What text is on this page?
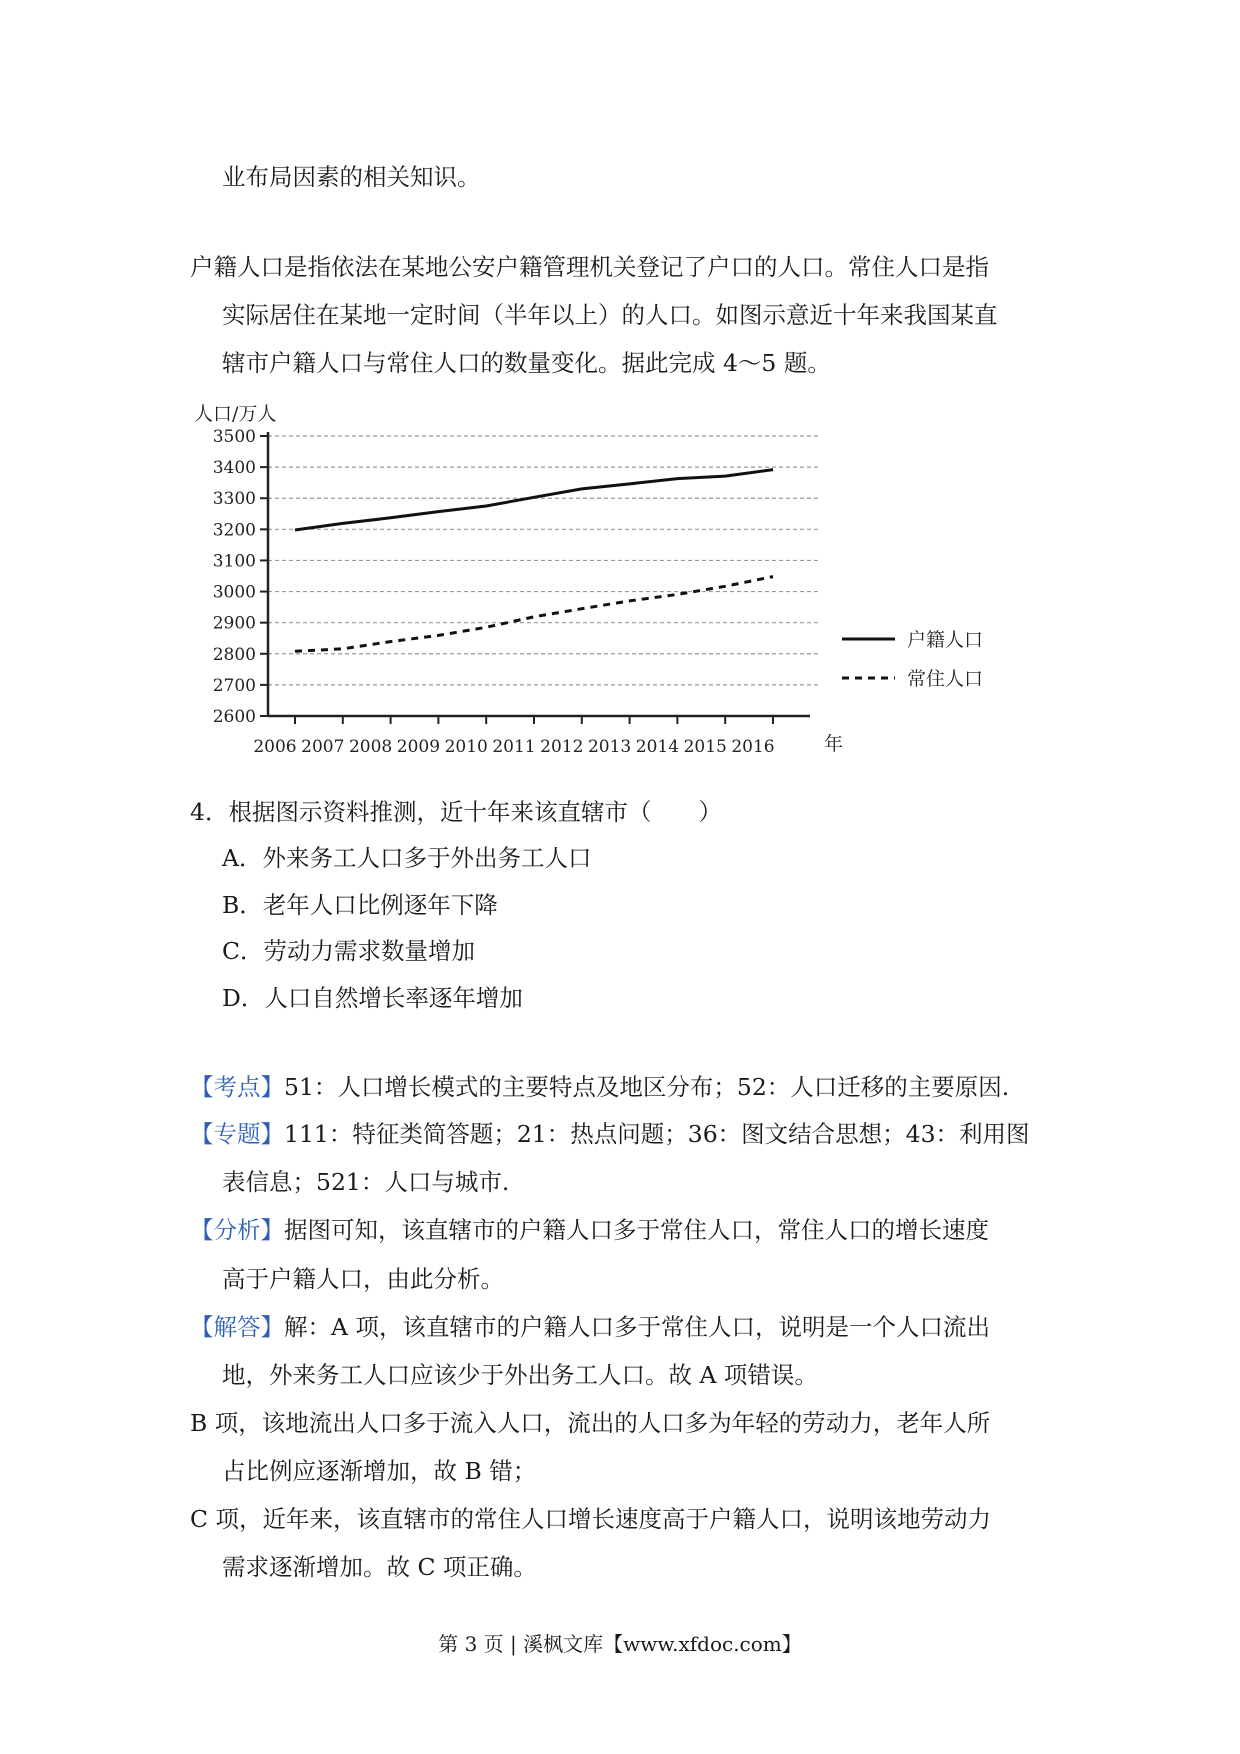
业布局因素的相关知识。
户籍人口是指依法在某地公安户籍管理机关登记了户口的人口。常住人口是指
实际居住在某地一定时间（半年以上）的人口。如图示意近十年来我国某直
辖市户籍人口与常住人口的数量变化。据此完成 4～5 题。
人口/万人
2600
2700
2800
2900
3000
3100
3200
3300
3400
3500
2006 2007 2008 2009 2010 2011 2012 2013 2014 2015 2016	年
户籍人口
常住人口
4．根据图示资料推测，近十年来该直辖市（　　）
A．外来务工人口多于外出务工人口
B．老年人口比例逐年下降
C．劳动力需求数量增加
D．人口自然增长率逐年增加
【考点】51：人口增长模式的主要特点及地区分布；52：人口迁移的主要原因.
【专题】111：特征类简答题；21：热点问题；36：图文结合思想；43：利用图
表信息；521：人口与城市.
【分析】据图可知，该直辖市的户籍人口多于常住人口，常住人口的增长速度
高于户籍人口，由此分析。
【解答】解：A 项，该直辖市的户籍人口多于常住人口，说明是一个人口流出
地，外来务工人口应该少于外出务工人口。故 A 项错误。
B 项，该地流出人口多于流入人口，流出的人口多为年轻的劳动力，老年人所
占比例应逐渐增加，故 B 错；
C 项，近年来，该直辖市的常住人口增长速度高于户籍人口，说明该地劳动力
需求逐渐增加。故 C 项正确。
第 3 页 | 溪枫文库【www.xfdoc.com】
